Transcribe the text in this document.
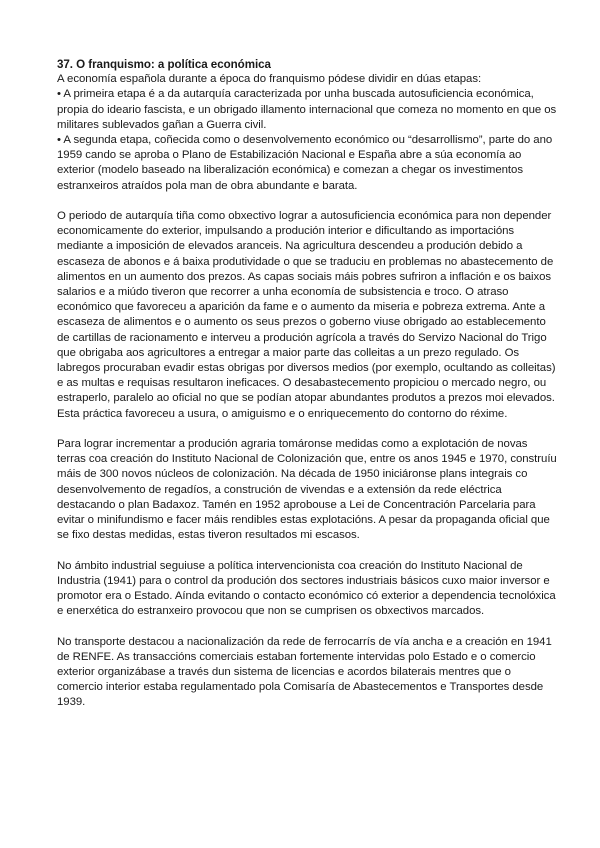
37. O franquismo: a política económica

A economía española durante a época do franquismo pódese dividir en dúas etapas:

• A primeira etapa é a da autarquía caracterizada por unha buscada autosuficiencia económica, propia do ideario fascista, e un obrigado illamento internacional que comeza no momento en que os militares sublevados gañan a Guerra civil.

• A segunda etapa, coñecida como o desenvolvemento económico ou “desarrollismo”, parte do ano 1959 cando se aproba o Plano de Estabilización Nacional e España abre a súa economía ao exterior (modelo baseado na liberalización económica) e comezan a chegar os investimentos estranxeiros atraídos pola man de obra abundante e barata.

O periodo de autarquía tiña como obxectivo lograr a autosuficiencia económica para non depender economicamente do exterior, impulsando a produción interior e dificultando as importacións mediante a imposición de elevados aranceis. Na agricultura descendeu a produción debido a escaseza de abonos e á baixa produtividade o que se traduciu en problemas no abastecemento de alimentos en un aumento dos prezos. As capas sociais máis pobres sufriron a inflación e os baixos salarios e a miúdo tiveron que recorrer a unha economía de subsistencia e troco. O atraso económico que favoreceu a aparición da fame e o aumento da miseria e pobreza extrema. Ante a escaseza de alimentos e o aumento os seus prezos o goberno viuse obrigado ao establecemento de cartillas de racionamento e interveu a produción agrícola a través do Servizo Nacional do Trigo que obrigaba aos agricultores a entregar a maior parte das colleitas a un prezo regulado. Os labregos procuraban evadir estas obrigas por diversos medios (por exemplo, ocultando as colleitas) e as multas e requisas resultaron ineficaces. O desabastecemento propiciou o mercado negro, ou estraperlo, paralelo ao oficial no que se podían atopar abundantes produtos a prezos moi elevados. Esta práctica favoreceu a usura, o amiguismo e o enriquecemento do contorno do réxime.

Para lograr incrementar a produción agraria tomáronse medidas como a explotación de novas terras coa creación do Instituto Nacional de Colonización que, entre os anos 1945 e 1970, construíu máis de 300 novos núcleos de colonización. Na década de 1950 iniciáronse plans integrais co desenvolvemento de regadíos, a construción de vivendas e a extensión da rede eléctrica destacando o plan Badaxoz. Tamén en 1952 aprobouse a Lei de Concentración Parcelaria para evitar o minifundismo e facer máis rendibles estas explotacións. A pesar da propaganda oficial que se fixo destas medidas, estas tiveron resultados mi escasos.

No ámbito industrial seguiuse a política intervencionista coa creación do Instituto Nacional de Industria (1941) para o control da produción dos sectores industriais básicos cuxo maior inversor e promotor era o Estado. Aínda evitando o contacto económico có exterior a dependencia tecnolóxica e enerxética do estranxeiro provocou que non se cumprisen os obxectivos marcados.

No transporte destacou a nacionalización da rede de ferrocarrís de vía ancha e a creación en 1941 de RENFE. As transaccións comerciais estaban fortemente intervidas polo Estado e o comercio exterior organizábase a través dun sistema de licencias e acordos bilaterais mentres que o comercio interior estaba regulamentado pola Comisaría de Abastecementos e Transportes desde 1939.
